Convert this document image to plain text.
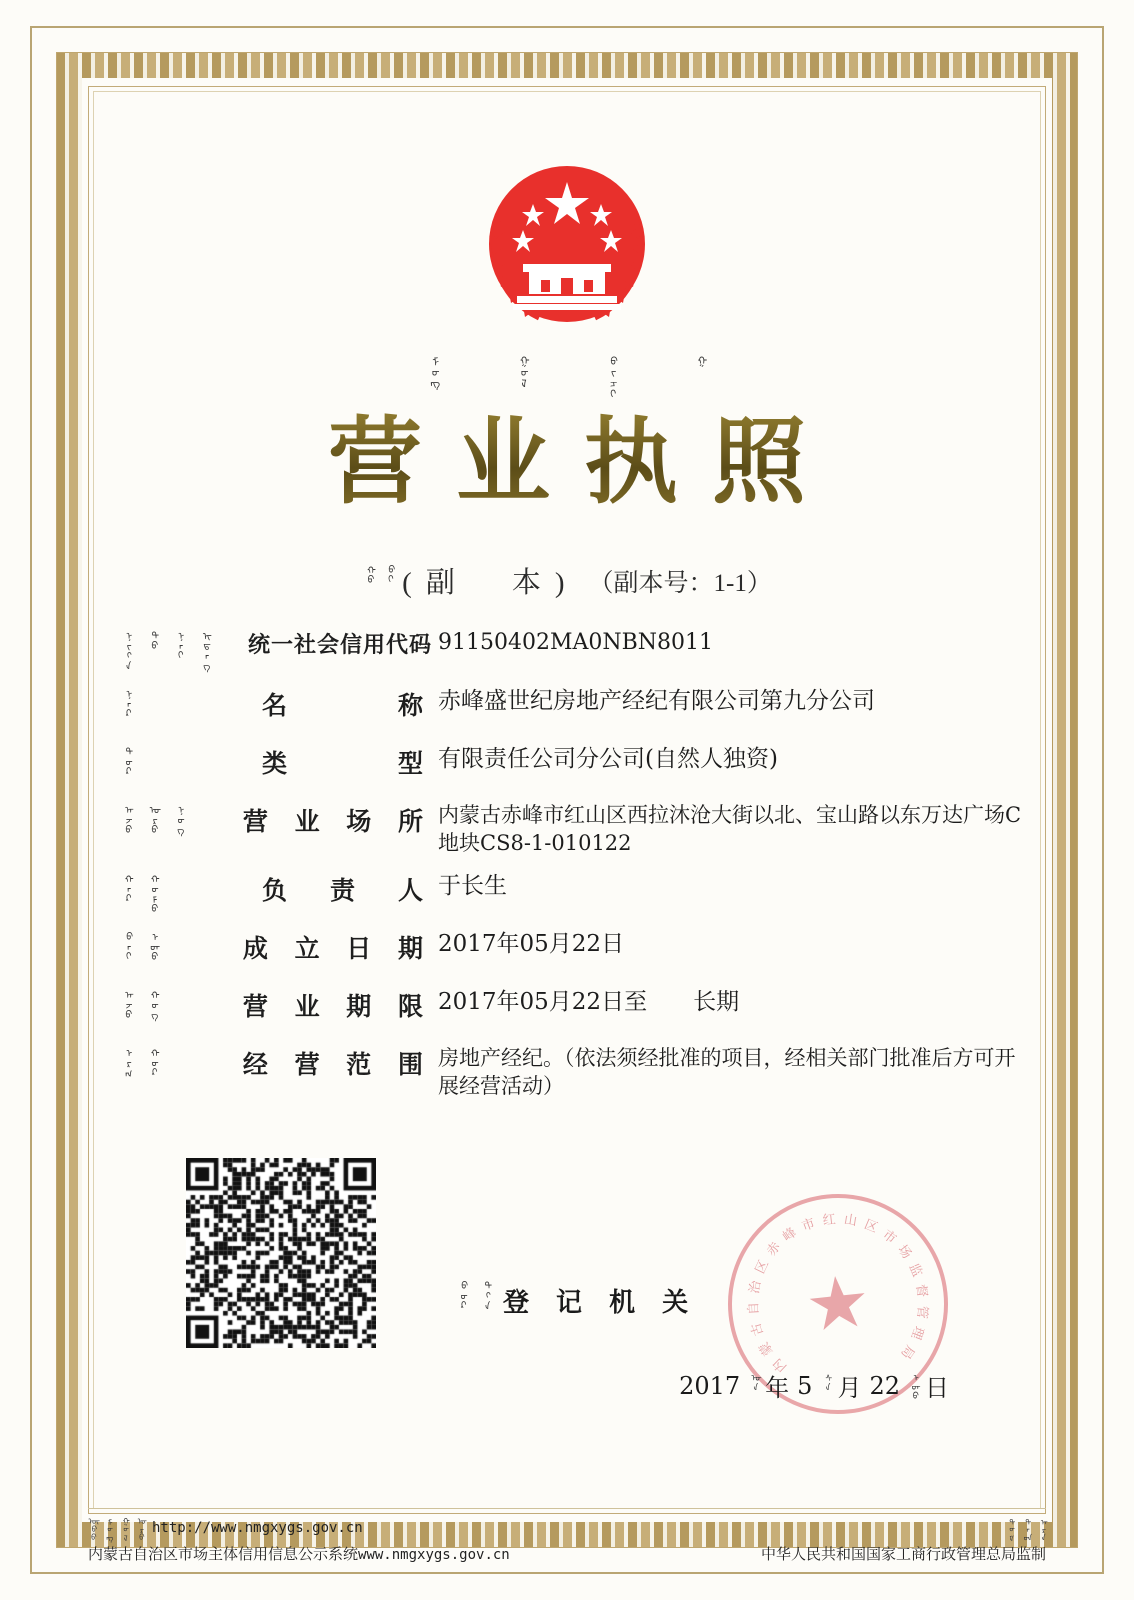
ᠮᠣᠩ	ᠭᠣᠯ	ᠪᠢᠴᠢ	ᠭ
营业执照
ᠬᠤ ᠪᠢ (副　本) （副本号：1-1）
ᠨᠢᠭᠡ ᠳᠦ ᠨᠡᠢ ᠢᠲᠡᠭ 统一社会信用代码 91150402MA0NBN8011
ᠨᠡᠷ	名　　　称 赤峰盛世纪房地产经纪有限公司第九分公司
ᠲᠥᠷ	类　　　型 有限责任公司分公司(自然人独资)
ᠠᠵᠤ ᠣᠷᠣ ᠨᠤᠭ 营 业 场 所 内蒙古赤峰市红山区西拉沐沧大街以北、宝山路以东万达广场C地块CS8-1-010122
ᠬᠠᠷ ᠬᠦᠮᠦ	负　责　人 于长生
ᠪᠠᠢ ᠡᠳᠦ	成 立 日 期 2017年05月22日
ᠠᠵᠤ ᠬᠤᠭ	营 业 期 限 2017年05月22日至　　长期
ᠡᠷᠬ ᠬᠦᠷ	经 营 范 围 房地产经纪。（依法须经批准的项目，经相关部门批准后方可开展经营活动）
ᠪᠦᠷ ᠲᠬᠡ 登 记 机 关 ★
内
蒙
古
自
治
区
赤
峰 市 红 山 区
市
场
监
督
管
理
局
2017 ᠣᠨ 年 5 ᠰᠠ 月 22 ᠡᠳᠦ 日
ᠥᠪᠦ ᠮᠣᠩ ᠭᠣᠯ ᠣᠷᠣ http://www.nmgxygs.gov.cn	ᠳᠤᠮ ᠳᠠᠳ ᠠᠷᠠ
内蒙古自治区市场主体信用信息公示系统www.nmgxygs.gov.cn	中华人民共和国国家工商行政管理总局监制
